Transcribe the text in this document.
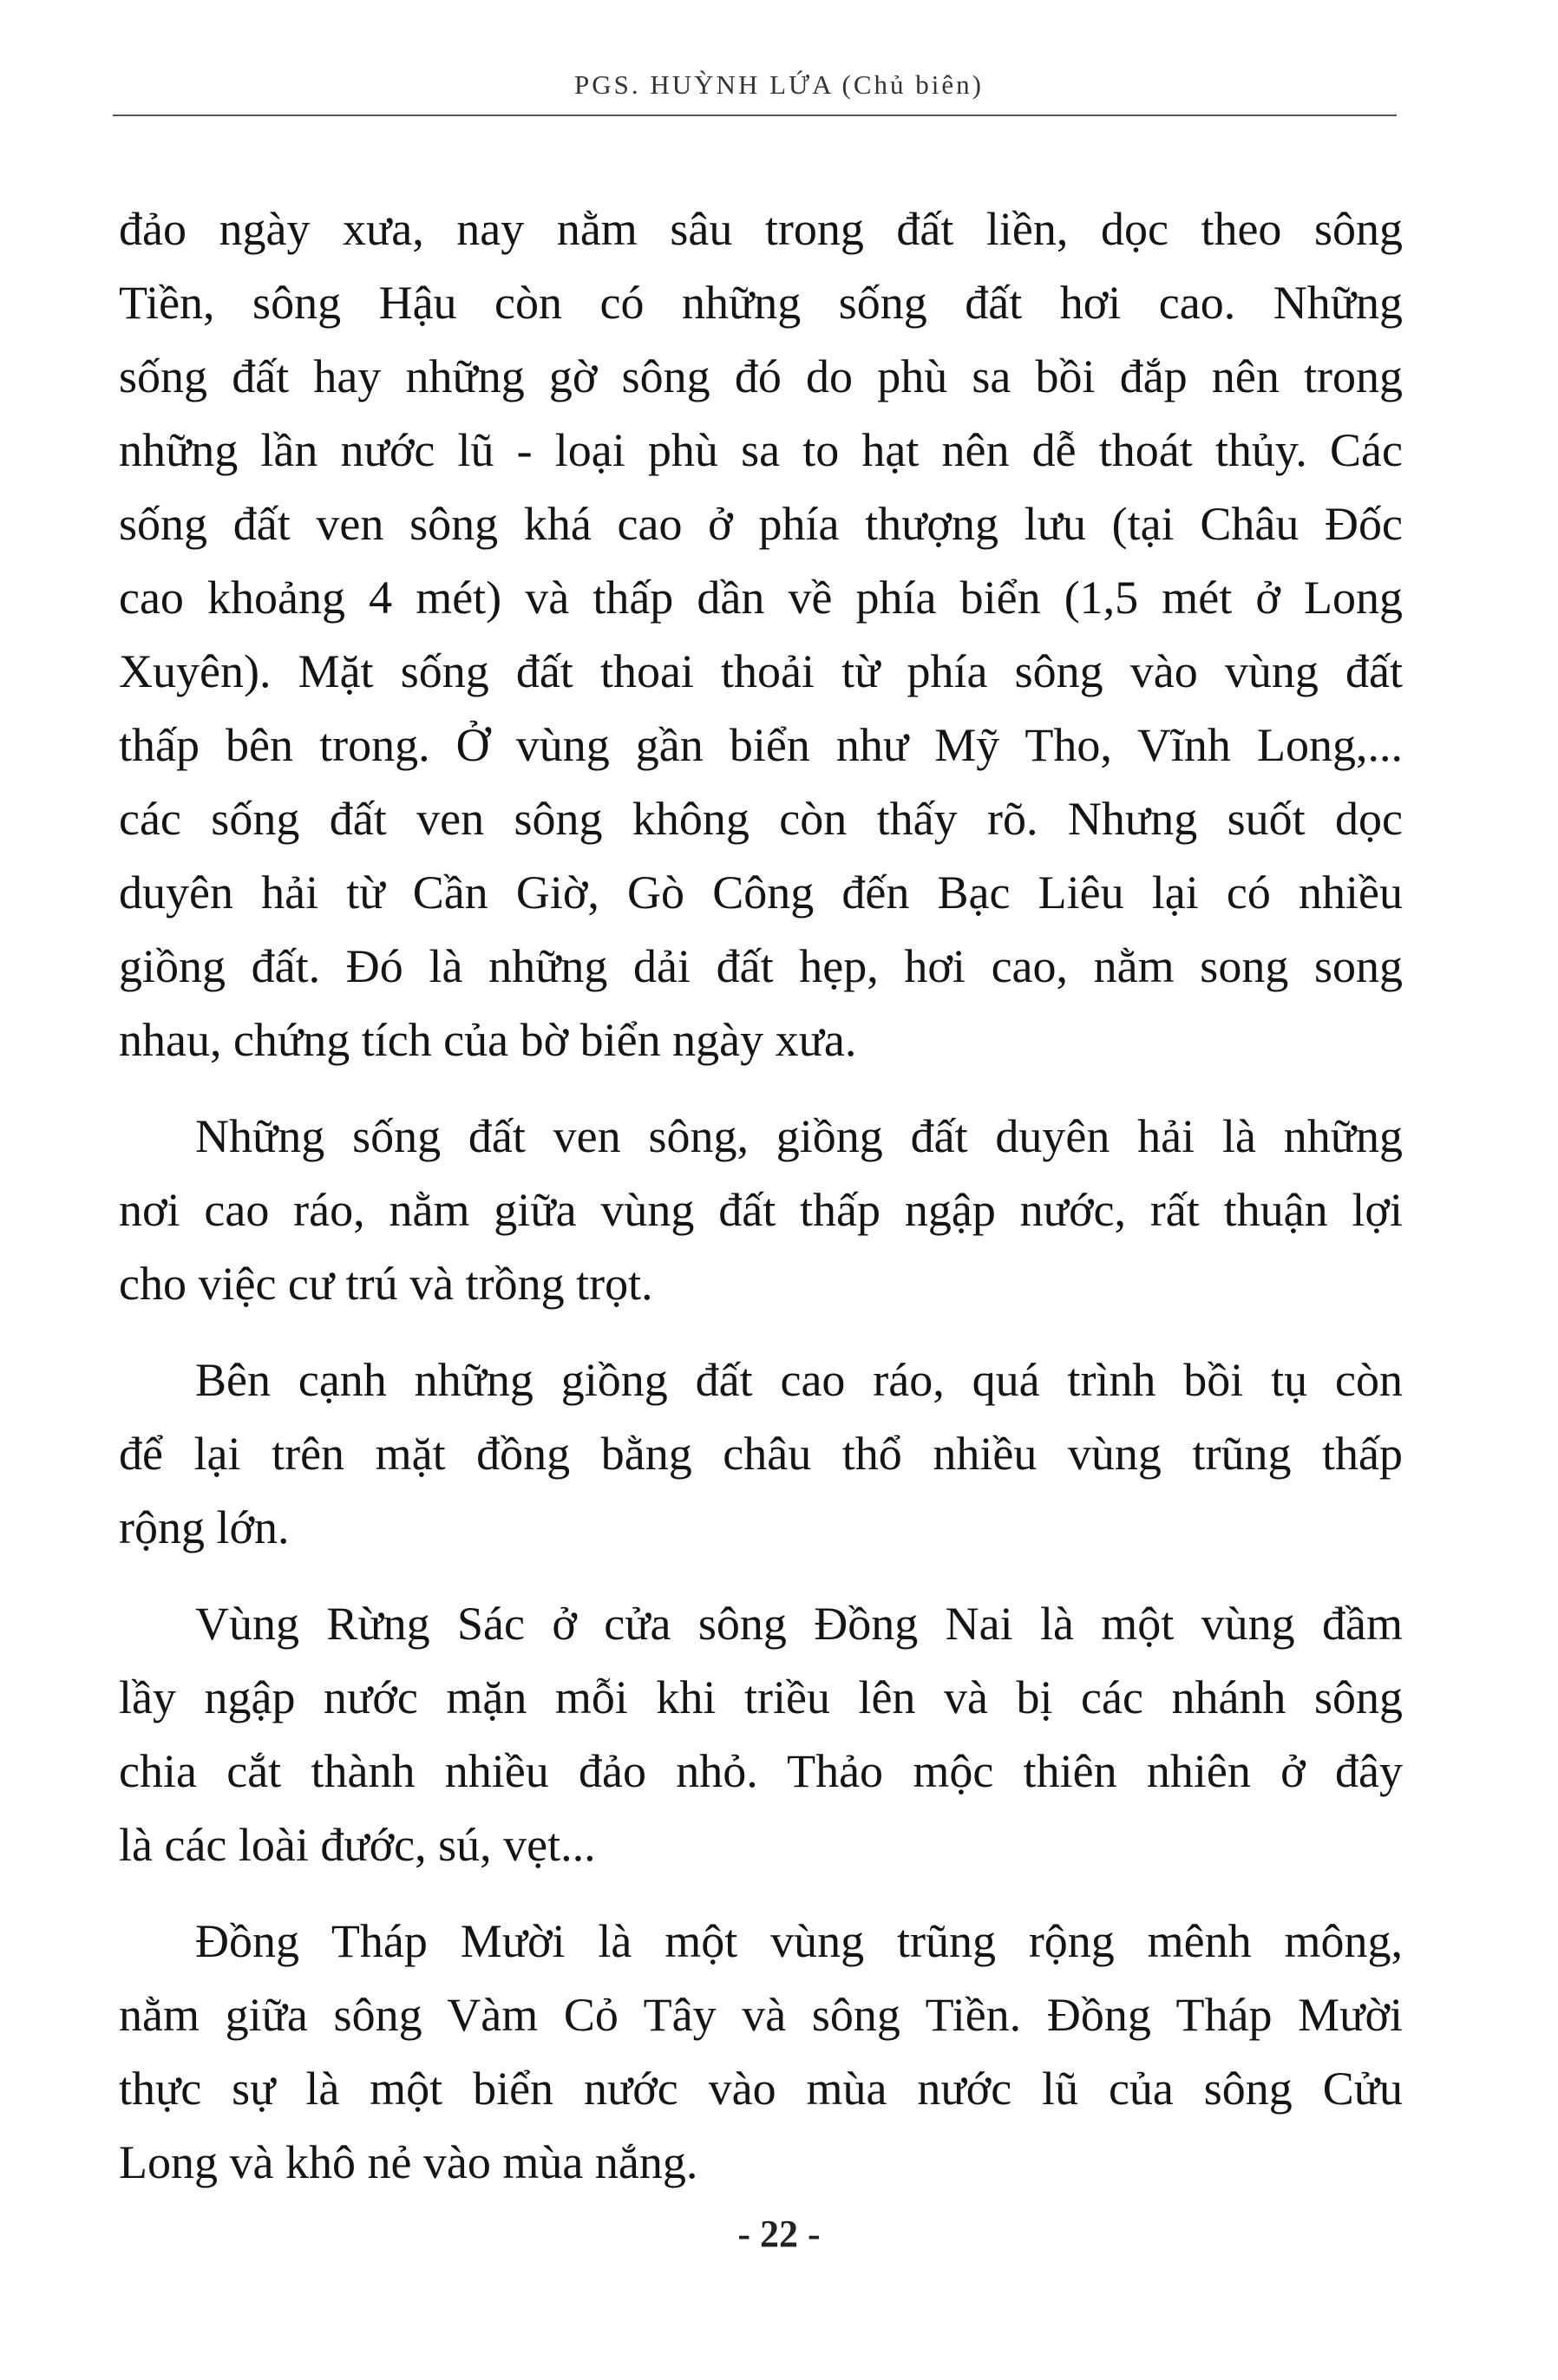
PGS. HUỲNH LỨA (Chủ biên)
đảo ngày xưa, nay nằm sâu trong đất liền, dọc theo sông
Tiền, sông Hậu còn có những sống đất hơi cao. Những
sống đất hay những gờ sông đó do phù sa bồi đắp nên trong
những lần nước lũ - loại phù sa to hạt nên dễ thoát thủy. Các
sống đất ven sông khá cao ở phía thượng lưu (tại Châu Đốc
cao khoảng 4 mét) và thấp dần về phía biển (1,5 mét ở Long
Xuyên). Mặt sống đất thoai thoải từ phía sông vào vùng đất
thấp bên trong. Ở vùng gần biển như Mỹ Tho, Vĩnh Long,...
các sống đất ven sông không còn thấy rõ. Nhưng suốt dọc
duyên hải từ Cần Giờ, Gò Công đến Bạc Liêu lại có nhiều
giồng đất. Đó là những dải đất hẹp, hơi cao, nằm song song
nhau, chứng tích của bờ biển ngày xưa.
Những sống đất ven sông, giồng đất duyên hải là những
nơi cao ráo, nằm giữa vùng đất thấp ngập nước, rất thuận lợi
cho việc cư trú và trồng trọt.
Bên cạnh những giồng đất cao ráo, quá trình bồi tụ còn
để lại trên mặt đồng bằng châu thổ nhiều vùng trũng thấp
rộng lớn.
Vùng Rừng Sác ở cửa sông Đồng Nai là một vùng đầm
lầy ngập nước mặn mỗi khi triều lên và bị các nhánh sông
chia cắt thành nhiều đảo nhỏ. Thảo mộc thiên nhiên ở đây
là các loài đước, sú, vẹt...
Đồng Tháp Mười là một vùng trũng rộng mênh mông,
nằm giữa sông Vàm Cỏ Tây và sông Tiền. Đồng Tháp Mười
thực sự là một biển nước vào mùa nước lũ của sông Cửu
Long và khô nẻ vào mùa nắng.
- 22 -
